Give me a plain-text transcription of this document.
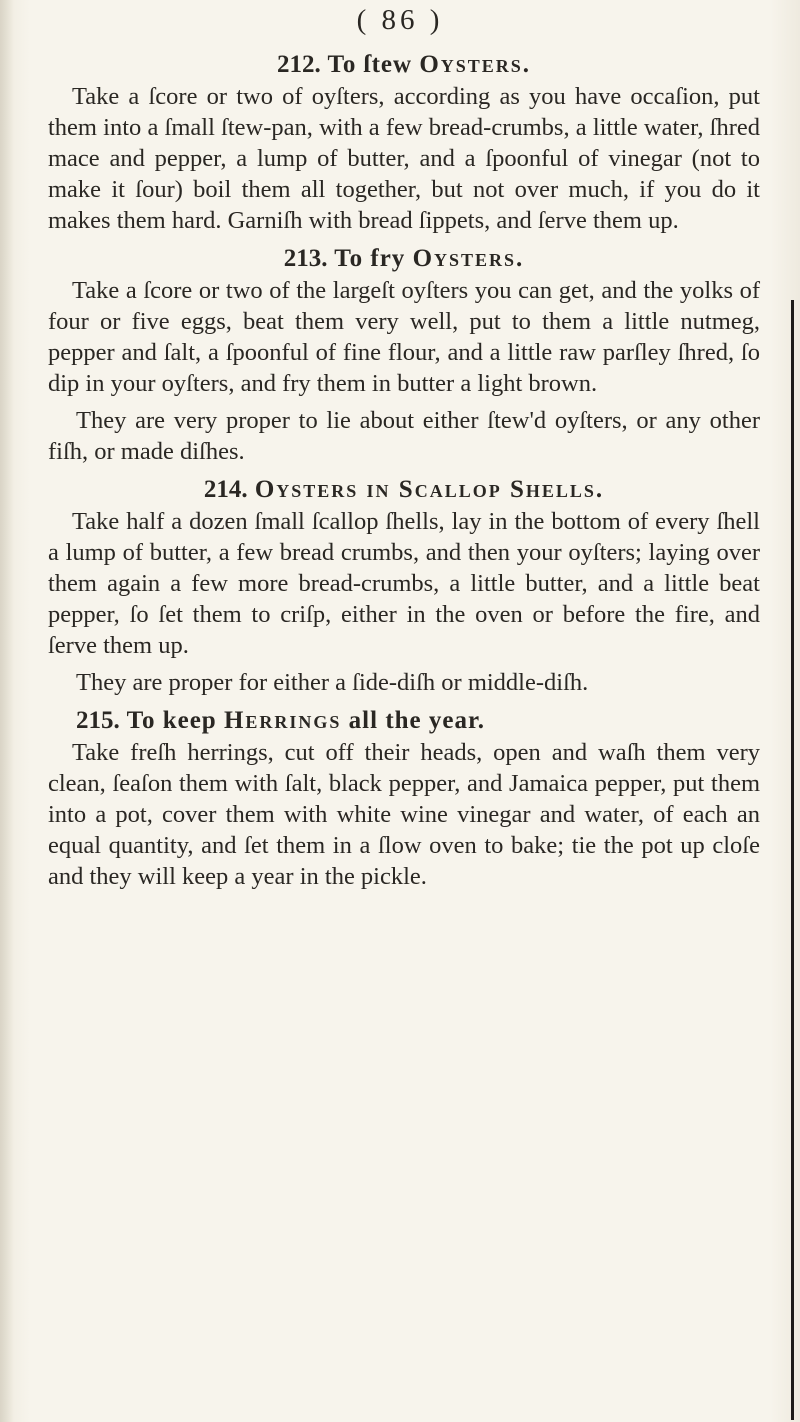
( 86 )
212. To ſtew Oysters.

Take a ſcore or two of oyſters, according as you have occaſion, put them into a ſmall ſtew-pan, with a few bread-crumbs, a little water, ſhred mace and pepper, a lump of butter, and a ſpoonful of vinegar (not to make it ſour) boil them all together, but not over much, if you do it makes them hard. Garniſh with bread ſippets, and ſerve them up.

213. To fry Oysters.

Take a ſcore or two of the largeſt oyſters you can get, and the yolks of four or five eggs, beat them very well, put to them a little nutmeg, pepper and ſalt, a ſpoonful of fine flour, and a little raw parſley ſhred, ſo dip in your oyſters, and fry them in butter a light brown.

They are very proper to lie about either ſtew'd oyſters, or any other fiſh, or made diſhes.

214. Oysters in Scallop Shells.

Take half a dozen ſmall ſcallop ſhells, lay in the bottom of every ſhell a lump of butter, a few bread crumbs, and then your oyſters; laying over them again a few more bread-crumbs, a little butter, and a little beat pepper, ſo ſet them to criſp, either in the oven or before the fire, and ſerve them up.

They are proper for either a ſide-diſh or middle-diſh.

215. To keep Herrings all the year.

Take freſh herrings, cut off their heads, open and waſh them very clean, ſeaſon them with ſalt, black pepper, and Jamaica pepper, put them into a pot, cover them with white wine vinegar and water, of each an equal quantity, and ſet them in a ſlow oven to bake; tie the pot up cloſe and they will keep a year in the pickle.
